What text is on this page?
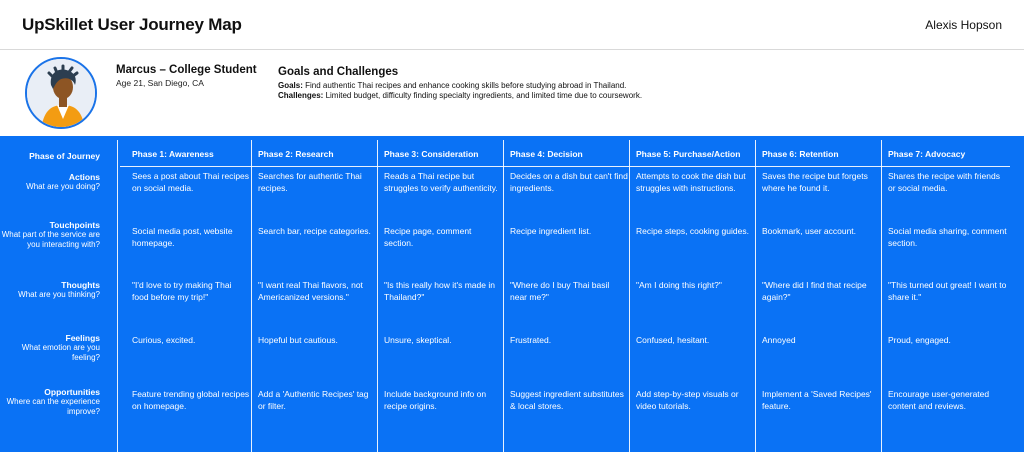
UpSkillet User Journey Map	Alexis Hopson
Marcus – College Student
Age 21, San Diego, CA
Goals and Challenges
Goals: Find authentic Thai recipes and enhance cooking skills before studying abroad in Thailand.
Challenges: Limited budget, difficulty finding specialty ingredients, and limited time due to coursework.
Phase of Journey
Actions
What are you doing?
Touchpoints
What part of the service are you interacting with?
Thoughts
What are you thinking?
Feelings
What emotion are you feeling?
Opportunities
Where can the experience improve?
Phase 1: Awareness
Sees a post about Thai recipes on social media.
Social media post, website homepage.
"I'd love to try making Thai food before my trip!"
Curious, excited.
Feature trending global recipes on homepage.
Phase 2: Research
Searches for authentic Thai recipes.
Search bar, recipe categories.
"I want real Thai flavors, not Americanized versions."
Hopeful but cautious.
Add a 'Authentic Recipes' tag or filter.
Phase 3: Consideration
Reads a Thai recipe but struggles to verify authenticity.
Recipe page, comment section.
"Is this really how it's made in Thailand?"
Unsure, skeptical.
Include background info on recipe origins.
Phase 4: Decision
Decides on a dish but can't find ingredients.
Recipe ingredient list.
"Where do I buy Thai basil near me?"
Frustrated.
Suggest ingredient substitutes & local stores.
Phase 5: Purchase/Action
Attempts to cook the dish but struggles with instructions.
Recipe steps, cooking guides.
"Am I doing this right?"
Confused, hesitant.
Add step-by-step visuals or video tutorials.
Phase 6: Retention
Saves the recipe but forgets where he found it.
Bookmark, user account.
"Where did I find that recipe again?"
Annoyed
Implement a 'Saved Recipes' feature.
Phase 7: Advocacy
Shares the recipe with friends or social media.
Social media sharing, comment section.
"This turned out great! I want to share it."
Proud, engaged.
Encourage user-generated content and reviews.
